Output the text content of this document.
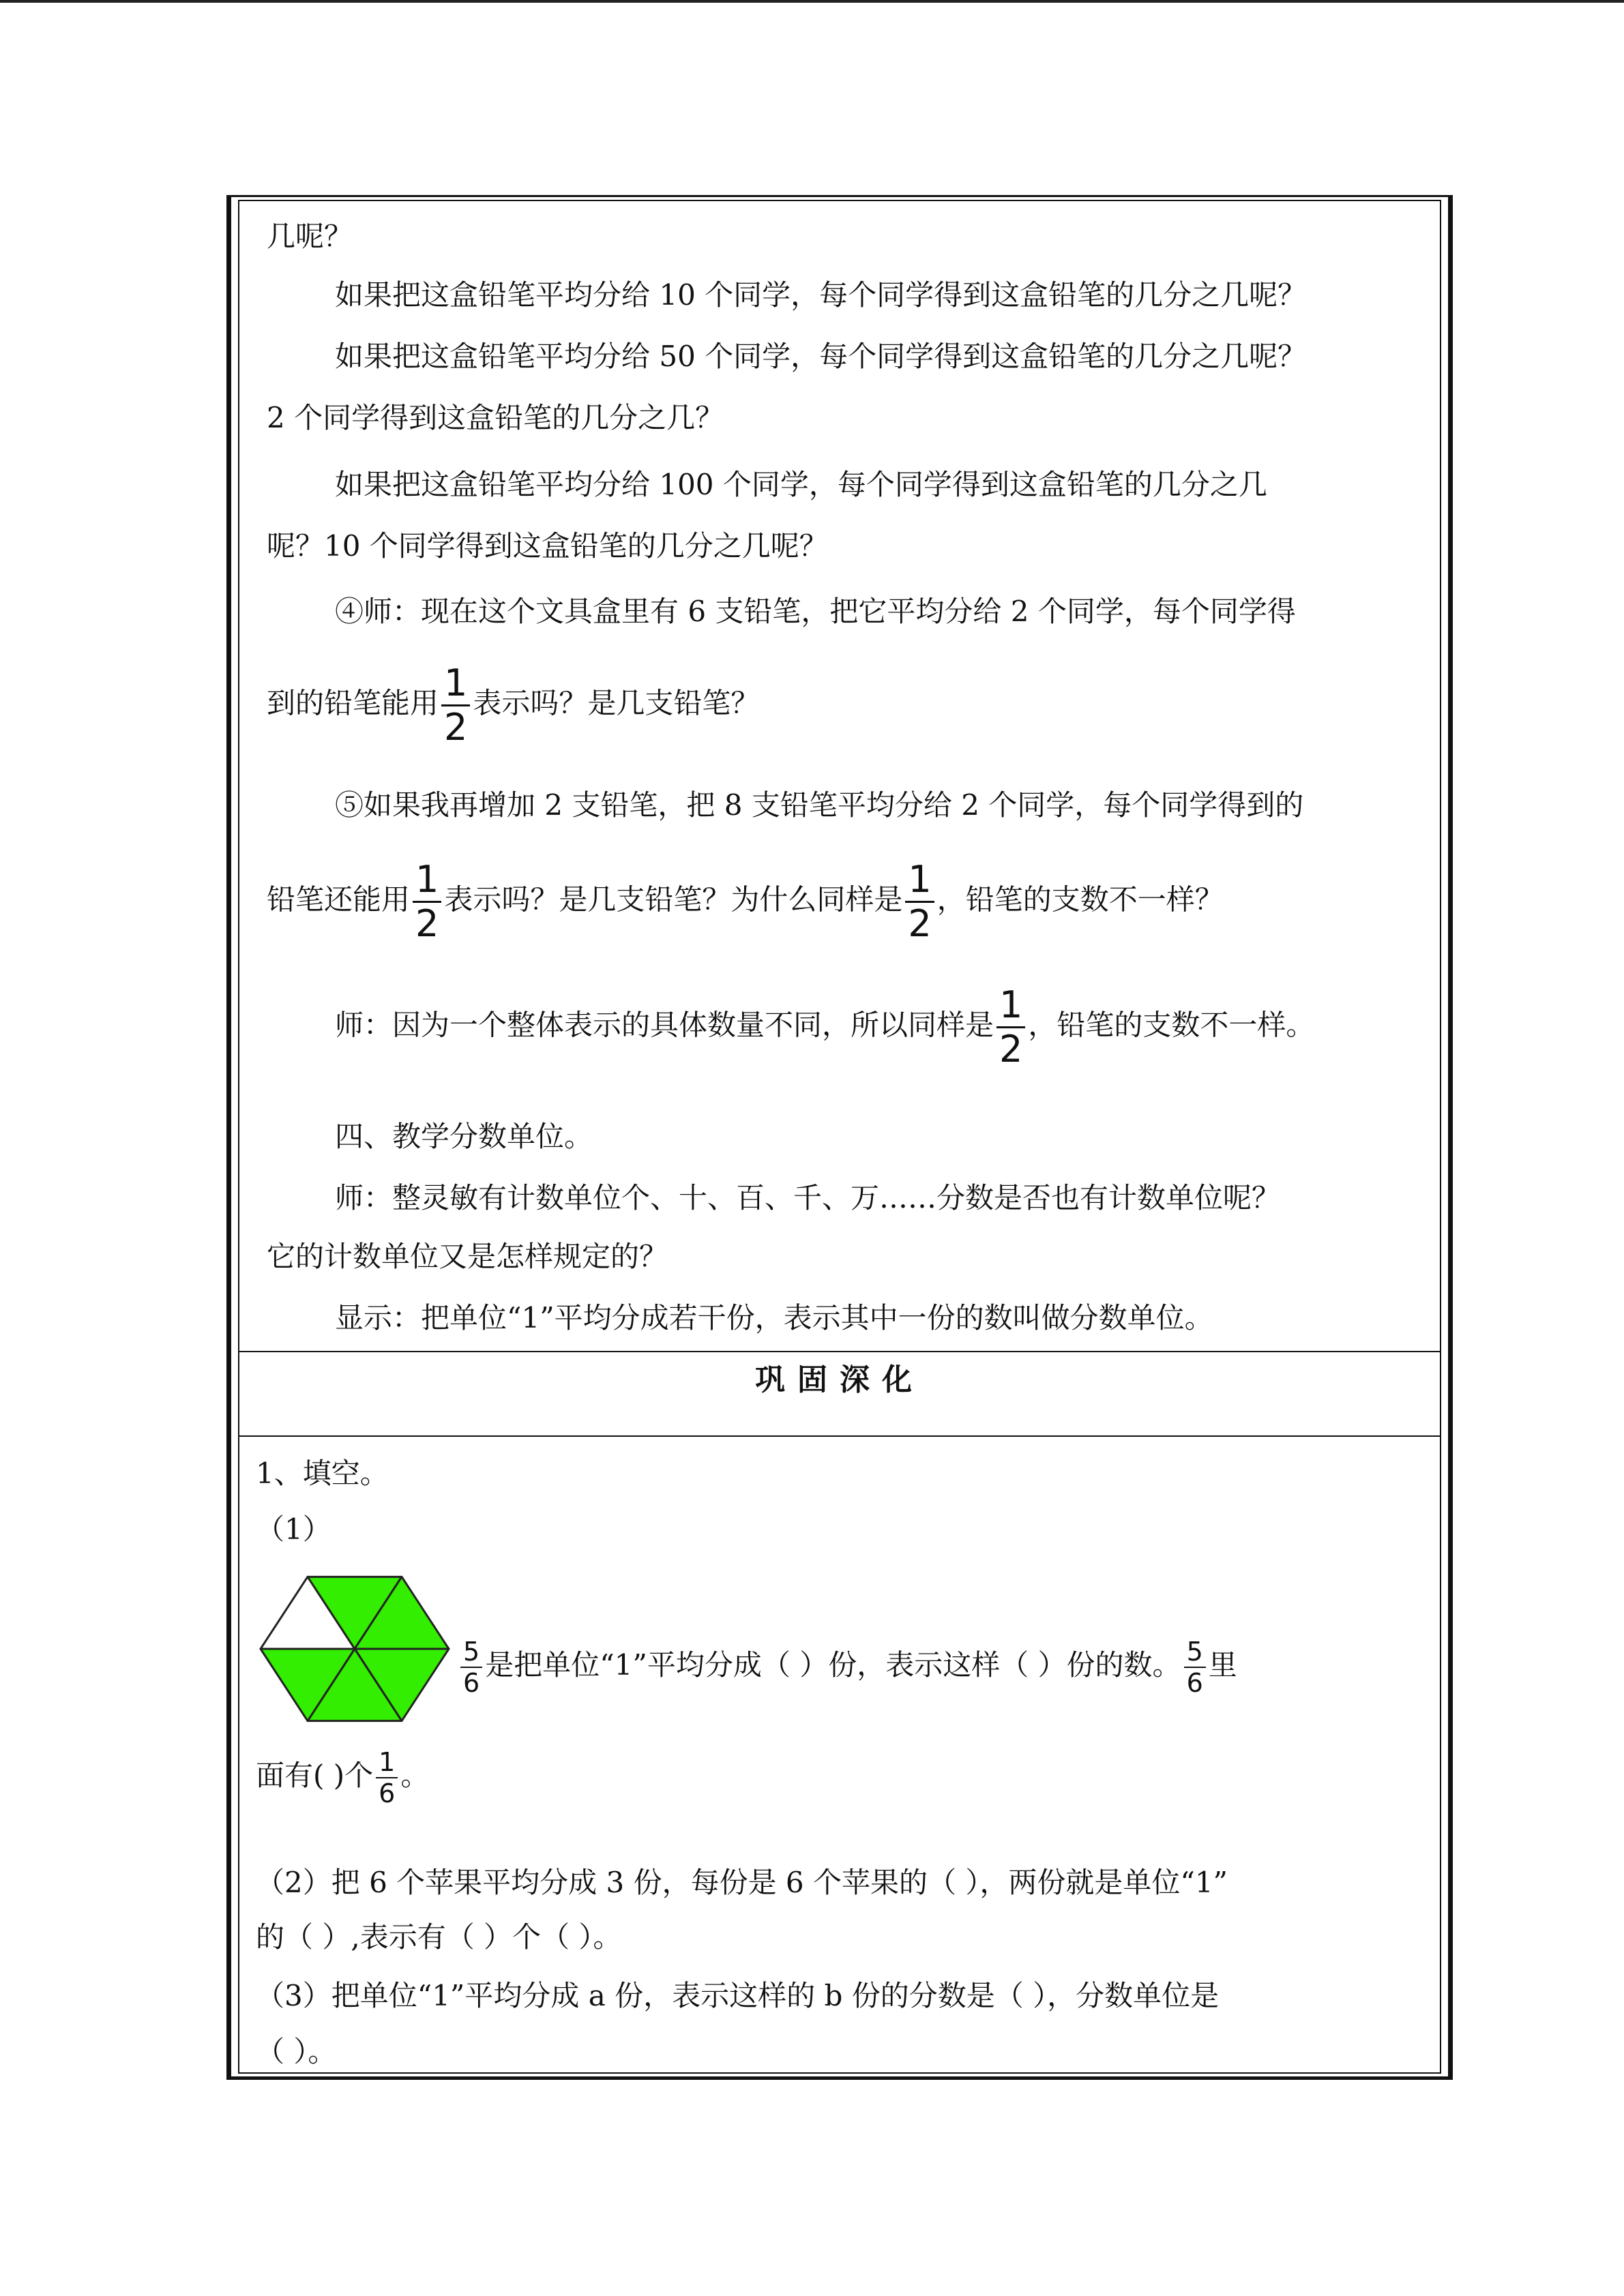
几呢？
如果把这盒铅笔平均分给 10 个同学，每个同学得到这盒铅笔的几分之几呢？
如果把这盒铅笔平均分给 50 个同学，每个同学得到这盒铅笔的几分之几呢？
2 个同学得到这盒铅笔的几分之几？
如果把这盒铅笔平均分给 100 个同学，每个同学得到这盒铅笔的几分之几
呢？10 个同学得到这盒铅笔的几分之几呢？
④师：现在这个文具盒里有 6 支铅笔，把它平均分给 2 个同学，每个同学得
到的铅笔能用 $\frac{1}{2}$ 表示吗？是几支铅笔？
⑤如果我再增加 2 支铅笔，把 8 支铅笔平均分给 2 个同学，每个同学得到的
铅笔还能用 $\frac{1}{2}$ 表示吗？是几支铅笔？为什么同样是 $\frac{1}{2}$ ，铅笔的支数不一样？
师：因为一个整体表示的具体数量不同，所以同样是 $\frac{1}{2}$ ，铅笔的支数不一样。
四、教学分数单位。
师：整灵敏有计数单位个、十、百、千、万……分数是否也有计数单位呢？
它的计数单位又是怎样规定的？
显示：把单位“1”平均分成若干份，表示其中一份的数叫做分数单位。
巩固深化
1、填空。
（1）
$\frac{5}{6}$ 是把单位“1”平均分成（ ）份，表示这样（ ）份的数。 $\frac{5}{6}$ 里
面有( )个 $\frac{1}{6}$ 。
（2）把 6 个苹果平均分成 3 份，每份是 6 个苹果的（ ），两份就是单位“1”
的（ ）,表示有（ ）个（ ）。
（3）把单位“1”平均分成 a 份，表示这样的 b 份的分数是（ ），分数单位是
（ ）。
